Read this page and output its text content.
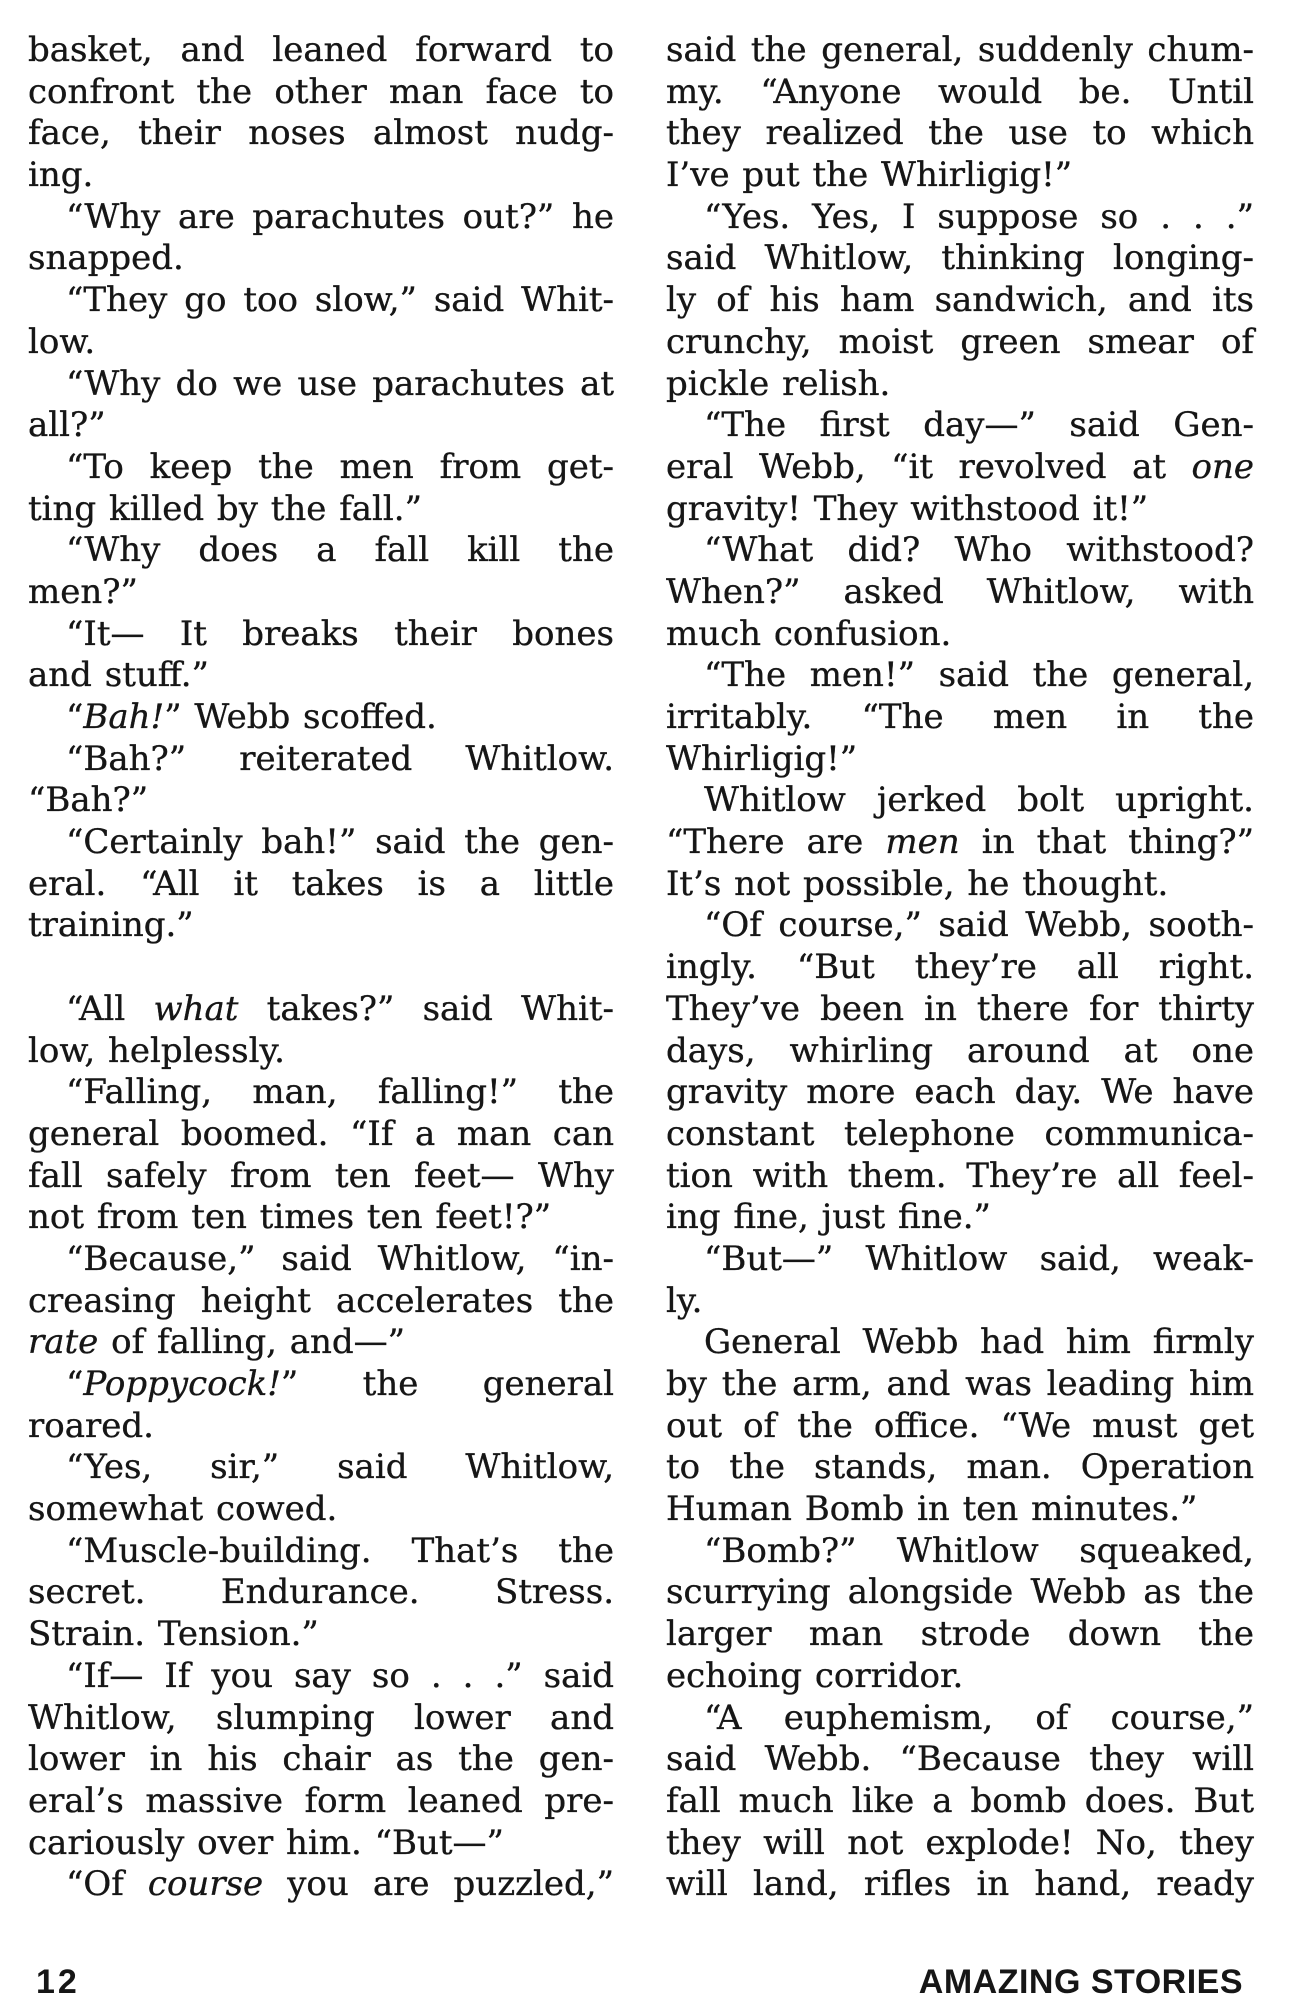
basket, and leaned forward to
confront the other man face to
face, their noses almost nudg-
ing.
“Why are parachutes out?” he
snapped.
“They go too slow,” said Whit-
low.
“Why do we use parachutes at
all?”
“To keep the men from get-
ting killed by the fall.”
“Why does a fall kill the
men?”
“It— It breaks their bones
and stuff.”
“Bah!” Webb scoffed.
“Bah?” reiterated Whitlow.
“Bah?”
“Certainly bah!” said the gen-
eral. “All it takes is a little
training.”
“All what takes?” said Whit-
low, helplessly.
“Falling, man, falling!” the
general boomed. “If a man can
fall safely from ten feet— Why
not from ten times ten feet!?”
“Because,” said Whitlow, “in-
creasing height accelerates the
rate of falling, and—”
“Poppycock!” the general
roared.
“Yes, sir,” said Whitlow,
somewhat cowed.
“Muscle-building. That’s the
secret. Endurance. Stress.
Strain. Tension.”
“If— If you say so . . .” said
Whitlow, slumping lower and
lower in his chair as the gen-
eral’s massive form leaned pre-
cariously over him. “But—”
“Of course you are puzzled,”
said the general, suddenly chum-
my. “Anyone would be. Until
they realized the use to which
I’ve put the Whirligig!”
“Yes. Yes, I suppose so . . .”
said Whitlow, thinking longing-
ly of his ham sandwich, and its
crunchy, moist green smear of
pickle relish.
“The first day—” said Gen-
eral Webb, “it revolved at one
gravity! They withstood it!”
“What did? Who withstood?
When?” asked Whitlow, with
much confusion.
“The men!” said the general,
irritably. “The men in the
Whirligig!”
Whitlow jerked bolt upright.
“There are men in that thing?”
It’s not possible, he thought.
“Of course,” said Webb, sooth-
ingly. “But they’re all right.
They’ve been in there for thirty
days, whirling around at one
gravity more each day. We have
constant telephone communica-
tion with them. They’re all feel-
ing fine, just fine.”
“But—” Whitlow said, weak-
ly.
General Webb had him firmly
by the arm, and was leading him
out of the office. “We must get
to the stands, man. Operation
Human Bomb in ten minutes.”
“Bomb?” Whitlow squeaked,
scurrying alongside Webb as the
larger man strode down the
echoing corridor.
“A euphemism, of course,”
said Webb. “Because they will
fall much like a bomb does. But
they will not explode! No, they
will land, rifles in hand, ready
12	AMAZING STORIES
